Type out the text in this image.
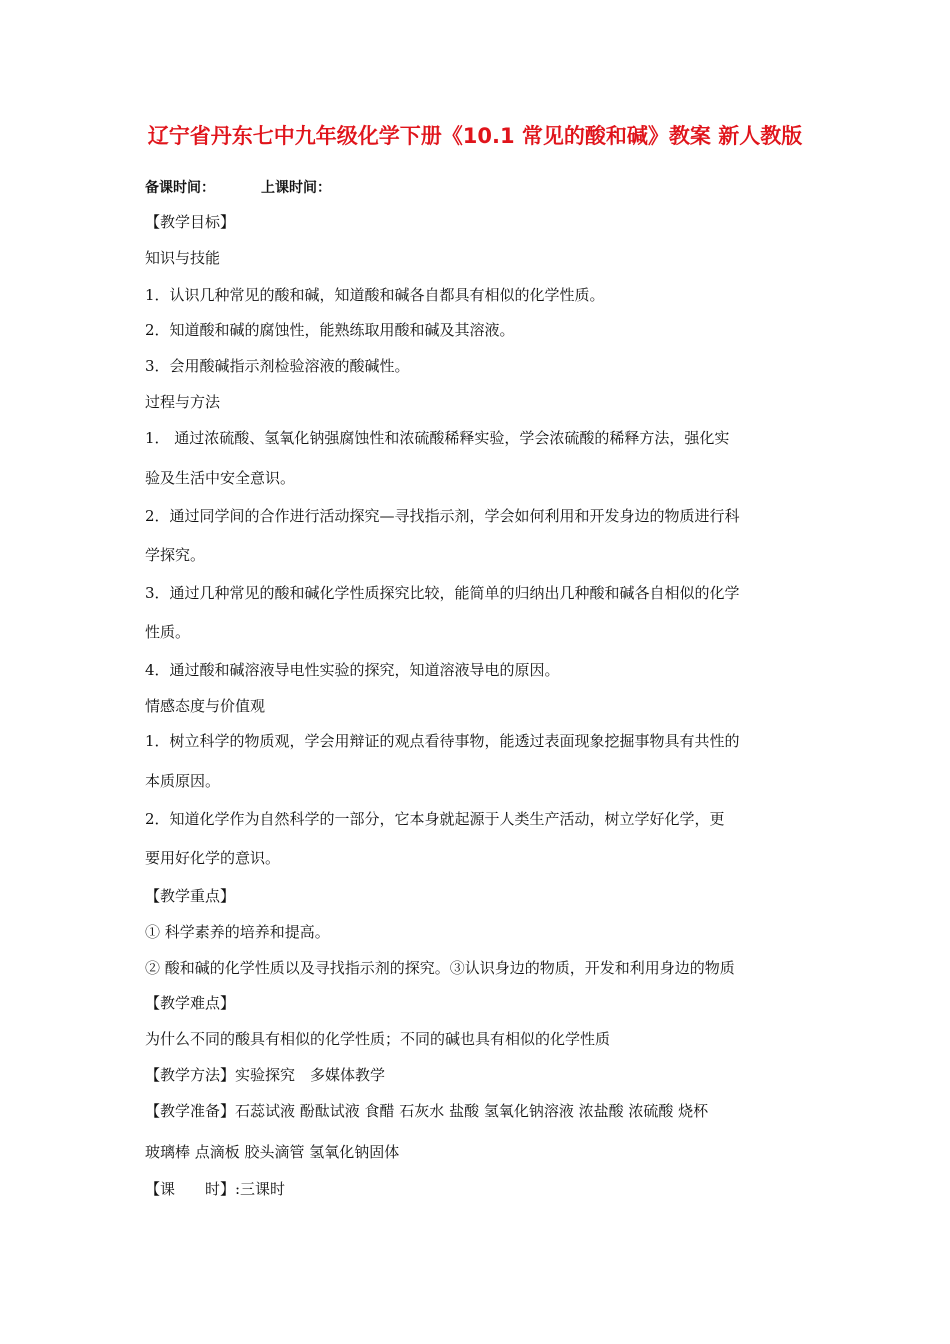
辽宁省丹东七中九年级化学下册《10.1 常见的酸和碱》教案 新人教版
备课时间：	上课时间：
【教学目标】
知识与技能
1．认识几种常见的酸和碱，知道酸和碱各自都具有相似的化学性质。
2．知道酸和碱的腐蚀性，能熟练取用酸和碱及其溶液。
3．会用酸碱指示剂检验溶液的酸碱性。
过程与方法
1． 通过浓硫酸、氢氧化钠强腐蚀性和浓硫酸稀释实验，学会浓硫酸的稀释方法，强化实
验及生活中安全意识。
2．通过同学间的合作进行活动探究—寻找指示剂，学会如何利用和开发身边的物质进行科
学探究。
3．通过几种常见的酸和碱化学性质探究比较，能简单的归纳出几种酸和碱各自相似的化学
性质。
4．通过酸和碱溶液导电性实验的探究，知道溶液导电的原因。
情感态度与价值观
1．树立科学的物质观，学会用辩证的观点看待事物，能透过表面现象挖掘事物具有共性的
本质原因。
2．知道化学作为自然科学的一部分，它本身就起源于人类生产活动，树立学好化学，更
要用好化学的意识。
【教学重点】
① 科学素养的培养和提高。
② 酸和碱的化学性质以及寻找指示剂的探究。③认识身边的物质，开发和利用身边的物质
【教学难点】
为什么不同的酸具有相似的化学性质；不同的碱也具有相似的化学性质
【教学方法】实验探究　多媒体教学
【教学准备】石蕊试液 酚酞试液 食醋 石灰水 盐酸 氢氧化钠溶液 浓盐酸 浓硫酸 烧杯
玻璃棒 点滴板 胶头滴管 氢氧化钠固体
【课　　时】:三课时
